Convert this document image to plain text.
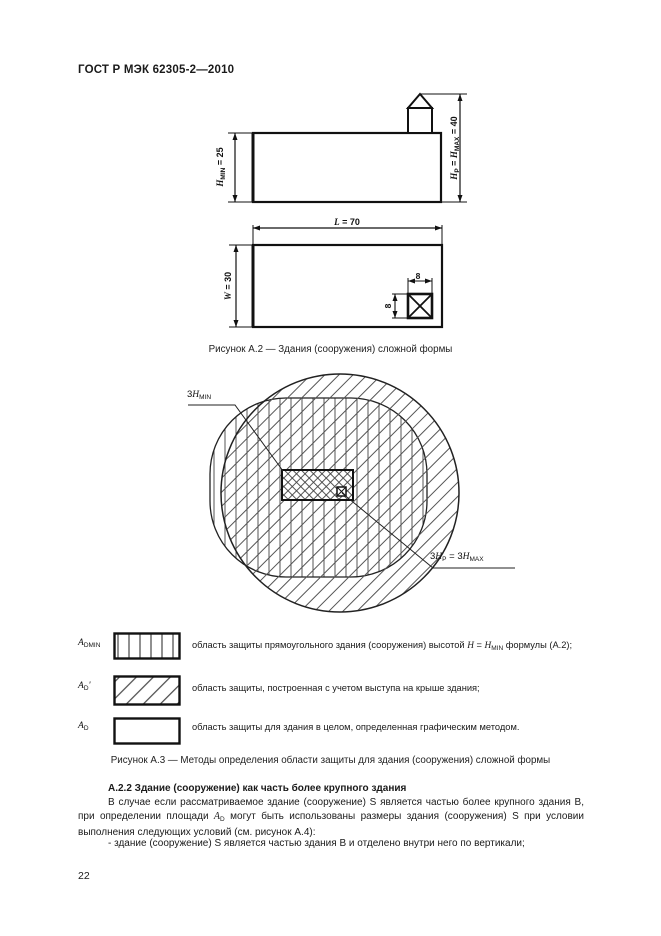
ГОСТ Р МЭК 62305-2—2010
$H_{MIN} = 25$
$H_P = H_{MAX} = 40$
L = 70
W = 30	8
8
Рисунок А.2 — Здания (сооружения) сложной формы
$3H_{MIN}$
$3H_P = 3H_{MAX}$
$A_{DMIN}$	область защиты прямоугольного здания (сооружения) высотой $H = H_{MIN}$ формулы (А.2);
$A_D'$	область защиты, построенная с учетом выступа на крыше здания;
$A_D$	область защиты для здания в целом, определенная графическим методом.
Рисунок А.3 — Методы определения области защиты для здания (сооружения) сложной формы
А.2.2 Здание (сооружение) как часть более крупного здания
В случае если рассматриваемое здание (сооружение) S является частью более крупного здания В, при определении площади $A_D$ могут быть использованы размеры здания (сооружения) S при условии выполнения следующих условий (см. рисунок А.4):
- здание (сооружение) S является частью здания В и отделено внутри него по вертикали;
22
